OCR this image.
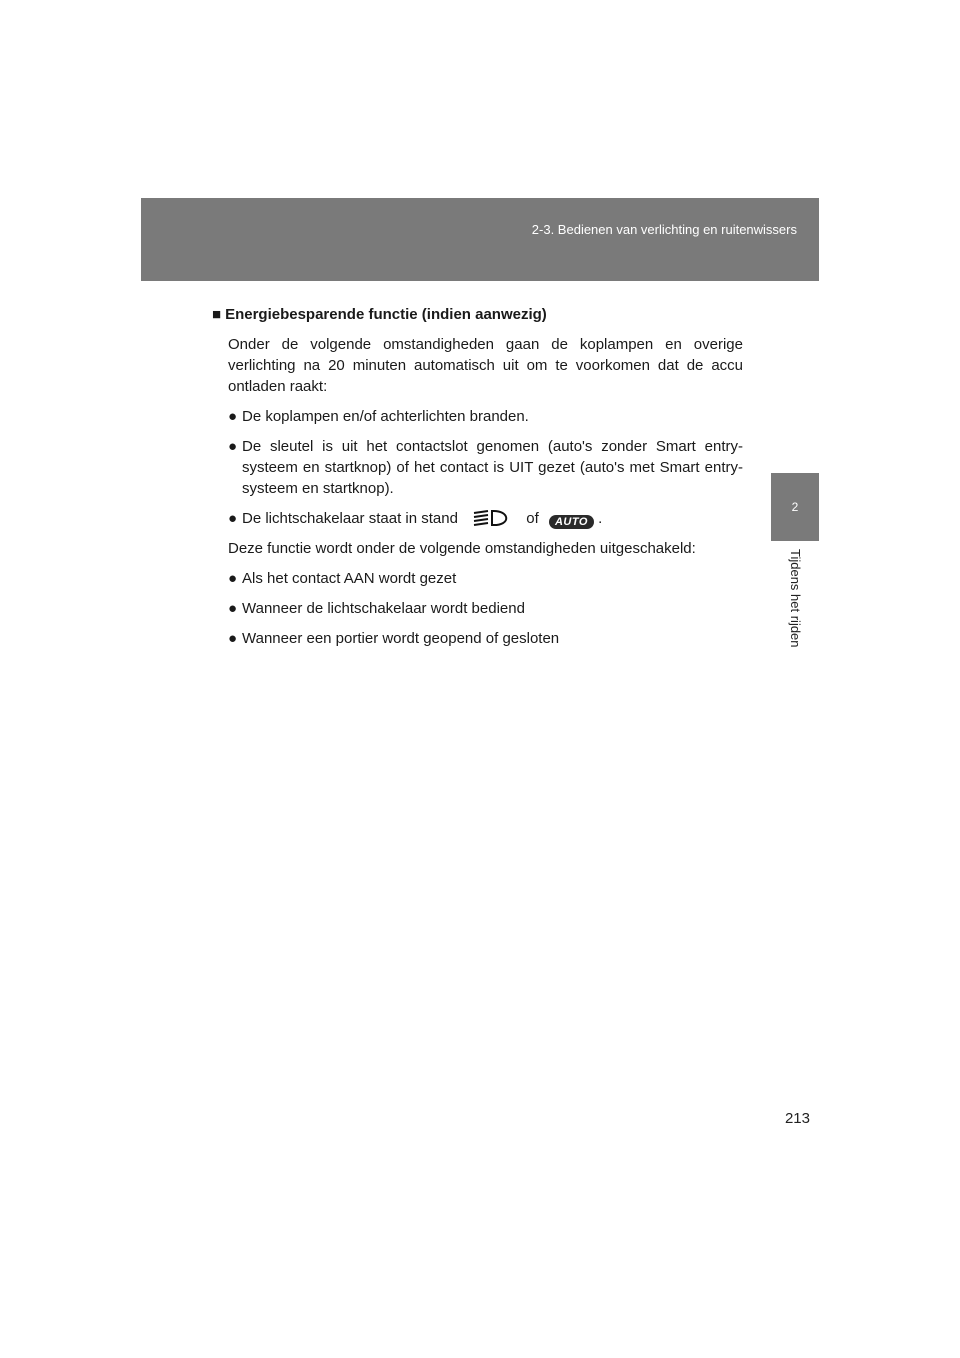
2-3. Bedienen van verlichting en ruitenwissers
2
Tijdens het rijden
■ Energiebesparende functie (indien aanwezig)

Onder de volgende omstandigheden gaan de koplampen en overige verlichting na 20 minuten automatisch uit om te voorkomen dat de accu ontladen raakt:

● De koplampen en/of achterlichten branden.
● De sleutel is uit het contactslot genomen (auto's zonder Smart entry-systeem en startknop) of het contact is UIT gezet (auto's met Smart entry-systeem en startknop).
● De lichtschakelaar staat in stand	of AUTO .

Deze functie wordt onder de volgende omstandigheden uitgeschakeld:

● Als het contact AAN wordt gezet
● Wanneer de lichtschakelaar wordt bediend
● Wanneer een portier wordt geopend of gesloten
213
